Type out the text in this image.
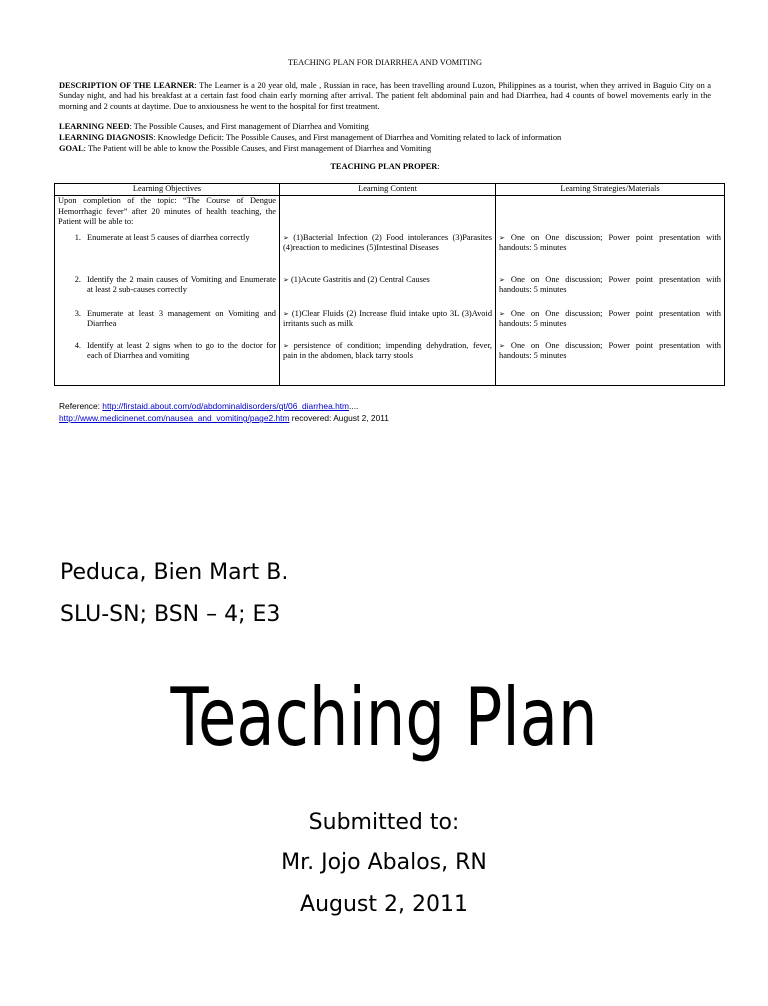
TEACHING PLAN FOR DIARRHEA AND VOMITING

DESCRIPTION OF THE LEARNER: The Learner is a 20 year old, male , Russian in race, has been travelling around Luzon, Philippines as a tourist, when they arrived in Baguio City on a Sunday night, and had his breakfast at a certain fast food chain early morning after arrival. The patient felt abdominal pain and had Diarrhea, had 4 counts of bowel movements early in the morning and 2 counts at daytime. Due to anxiousness he went to the hospital for first treatment.

LEARNING NEED: The Possible Causes, and First management of Diarrhea and Vomiting
LEARNING DIAGNOSIS: Knowledge Deficit: The Possible Causes, and First management of Diarrhea and Vomiting related to lack of information
GOAL: The Patient will be able to know the Possible Causes, and First management of Diarrhea and Vomiting
TEACHING PLAN PROPER:
Learning Objectives	Learning Content	Learning Strategies/Materials

Upon completion of the topic: “The Course of Dengue Hemorrhagic fever” after 20 minutes of health teaching, the Patient will be able to:		

1. Enumerate at least 5 causes of diarrhea correctly	➢ (1)Bacterial Infection (2) Food intolerances (3)Parasites (4)reaction to medicines (5)Intestinal Diseases	➢ One on One discussion; Power point presentation with handouts: 5 minutes

2. Identify the 2 main causes of Vomiting and Enumerate at least 2 sub-causes correctly	➢ (1)Acute Gastritis and (2) Central Causes	➢ One on One discussion; Power point presentation with handouts: 5 minutes

3. Enumerate at least 3 management on Vomiting and Diarrhea	➢ (1)Clear Fluids (2) Increase fluid intake upto 3L (3)Avoid irritants such as milk	➢ One on One discussion; Power point presentation with handouts: 5 minutes

4. Identify at least 2 signs when to go to the doctor for each of Diarrhea and vomiting	➢ persistence of condition; impending dehydration, fever, pain in the abdomen, black tarry stools	➢ One on One discussion; Power point presentation with handouts: 5 minutes
Reference: http://firstaid.about.com/od/abdominaldisorders/qt/06_diarrhea.htm....
http://www.medicinenet.com/nausea_and_vomiting/page2.htm recovered: August 2, 2011
Peduca, Bien Mart B.
SLU-SN; BSN – 4; E3
Teaching Plan
Submitted to:
Mr. Jojo Abalos, RN
August 2, 2011
